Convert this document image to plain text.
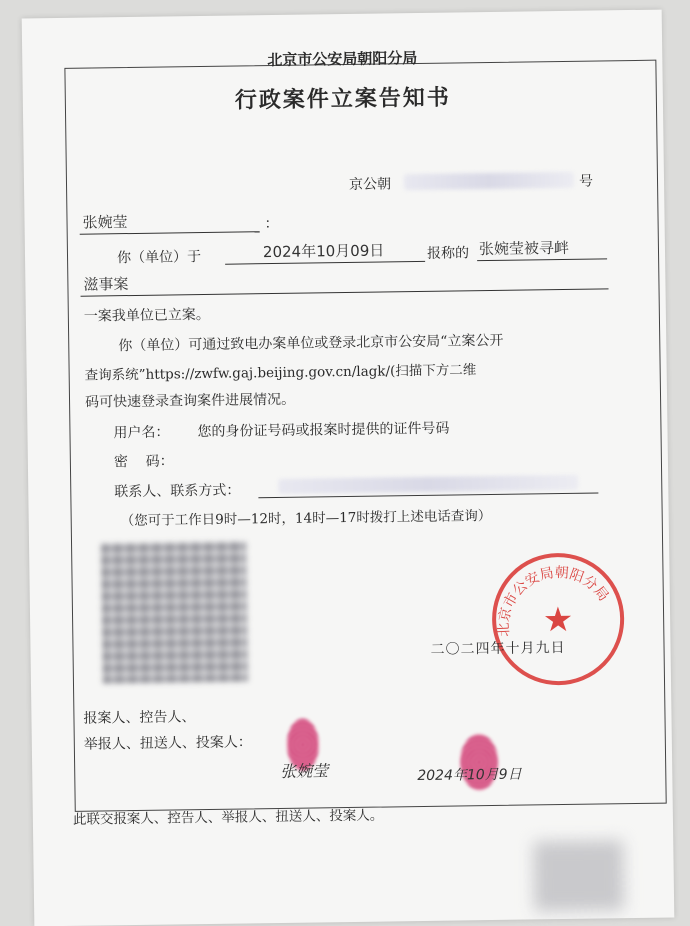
北京市公安局朝阳分局
行政案件立案告知书
京公朝	号
张婉莹	：
你（单位）于	2024年10月09日	报称的 张婉莹被寻衅
滋事案
一案我单位已立案。
你（单位）可通过致电办案单位或登录北京市公安局“立案公开
查询系统”https://zwfw.gaj.beijing.gov.cn/lagk/(扫描下方二维
码可快速登录查询案件进展情况。
用户名： 您的身份证号码或报案时提供的证件号码
密    码：
联系人、联系方式：
（您可于工作日9时—12时，14时—17时拨打上述电话查询）
北京市公安局朝阳分局
★
二〇二四年十月九日
报案人、控告人、
举报人、扭送人、投案人：
张婉莹	2024年10月9日
此联交报案人、控告人、举报人、扭送人、投案人。
